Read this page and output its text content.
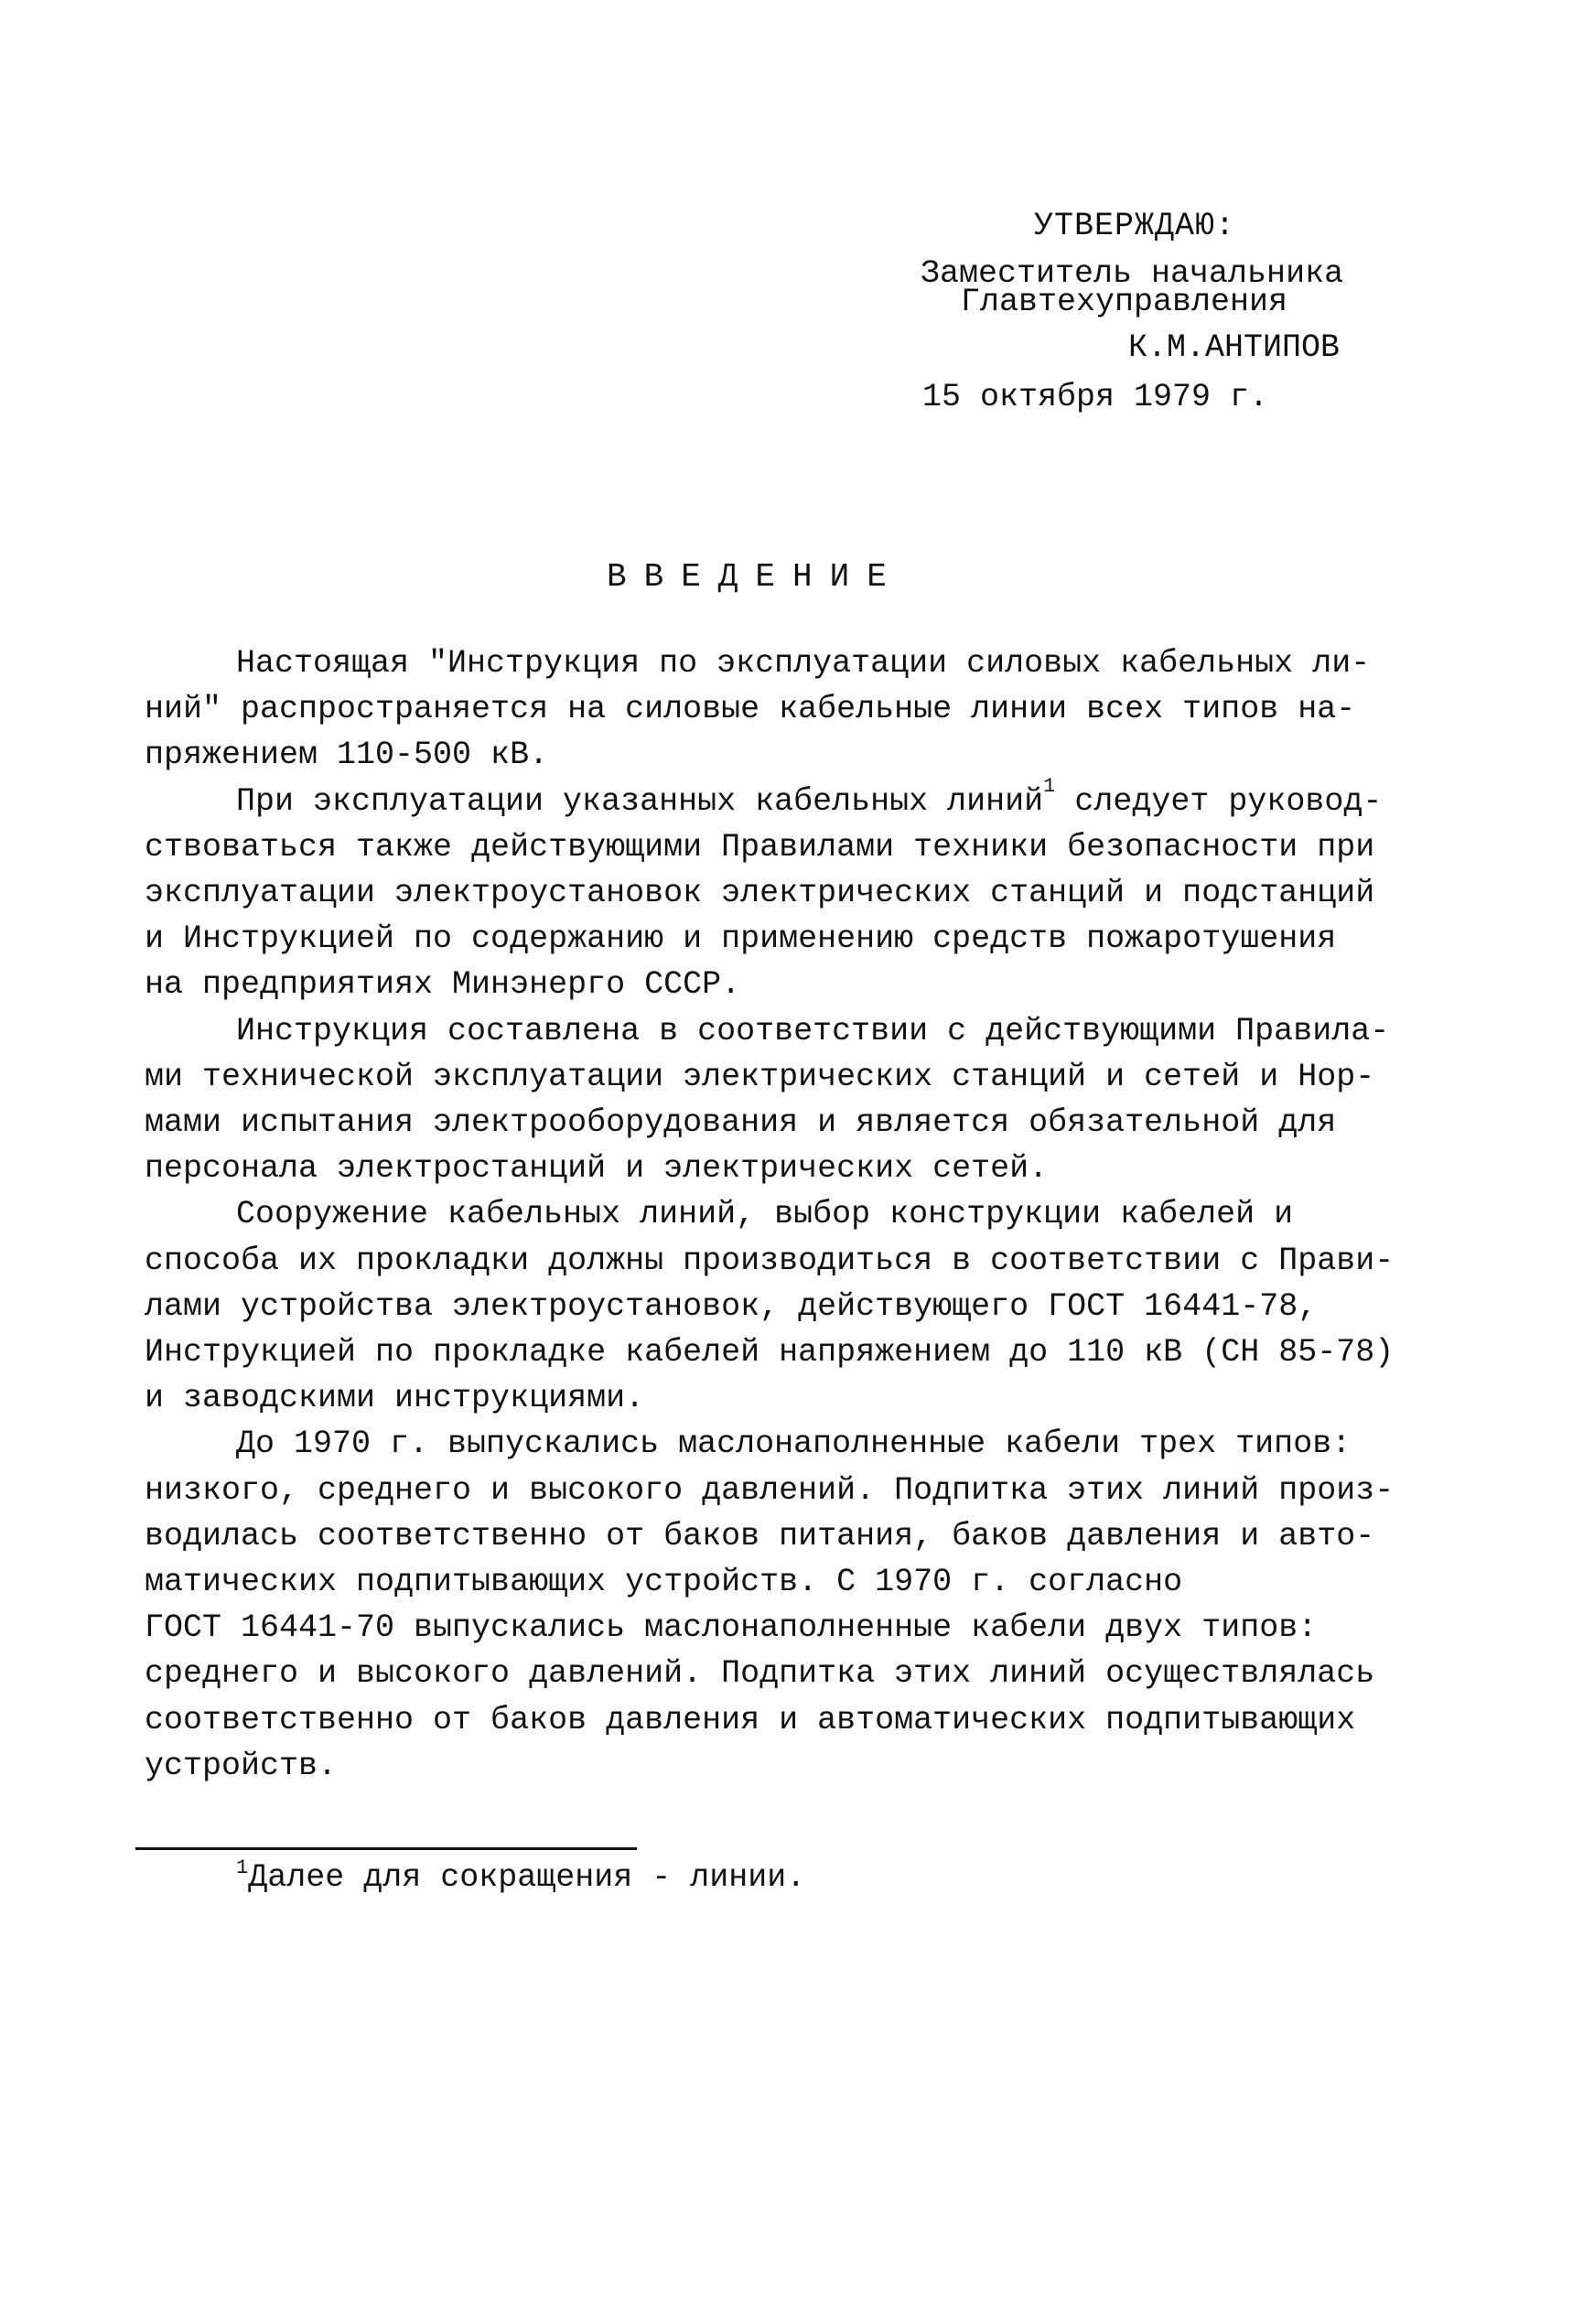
УТВЕРЖДАЮ:
Заместитель начальника
Главтехуправления
К.М.АНТИПОВ
15 октября 1979 г.
ВВЕДЕНИЕ
Настоящая "Инструкция по эксплуатации силовых кабельных ли-
ний" распространяется на силовые кабельные линии всех типов на-
пряжением 110-500 кВ.
При эксплуатации указанных кабельных линий$^1$ следует руковод-
ствоваться также действующими Правилами техники безопасности при
эксплуатации электроустановок электрических станций и подстанций
и Инструкцией по содержанию и применению средств пожаротушения
на предприятиях Минэнерго СССР.
Инструкция составлена в соответствии с действующими Правила-
ми технической эксплуатации электрических станций и сетей и Нор-
мами испытания электрооборудования и является обязательной для
персонала электростанций и электрических сетей.
Сооружение кабельных линий, выбор конструкции кабелей и
способа их прокладки должны производиться в соответствии с Прави-
лами устройства электроустановок, действующего ГОСТ 16441-78,
Инструкцией по прокладке кабелей напряжением до 110 кВ (СН 85-78)
и заводскими инструкциями.
До 1970 г. выпускались маслонаполненные кабели трех типов:
низкого, среднего и высокого давлений. Подпитка этих линий произ-
водилась соответственно от баков питания, баков давления и авто-
матических подпитывающих устройств. С 1970 г. согласно
ГОСТ 16441-70 выпускались маслонаполненные кабели двух типов:
среднего и высокого давлений. Подпитка этих линий осуществлялась
соответственно от баков давления и автоматических подпитывающих
устройств.
$^1$Далее для сокращения - линии.
